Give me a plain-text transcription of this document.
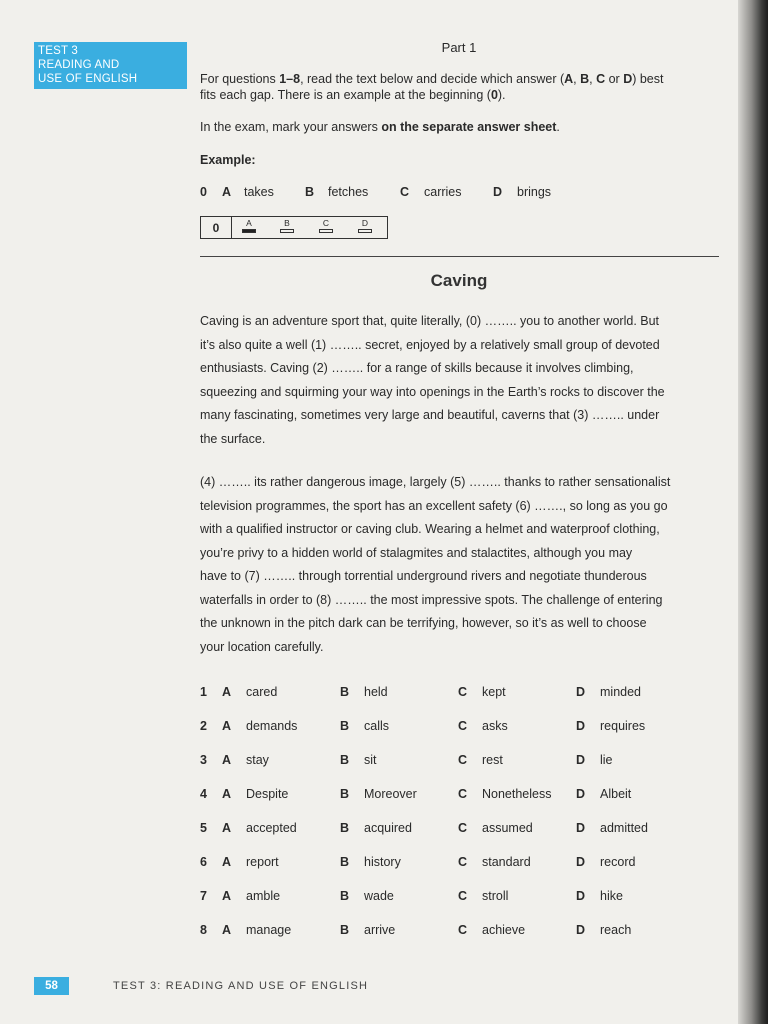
TEST 3
READING AND
USE OF ENGLISH
Part 1
For questions 1–8, read the text below and decide which answer (A, B, C or D) best
fits each gap. There is an example at the beginning (0).
In the exam, mark your answers on the separate answer sheet.
Example:
0 A takes B fetches	C carries	D brings
0	A	B	C	D
Caving

Caving is an adventure sport that, quite literally, (0) …….. you to another world. But

it’s also quite a well (1) …….. secret, enjoyed by a relatively small group of devoted

enthusiasts. Caving (2) …….. for a range of skills because it involves climbing,

squeezing and squirming your way into openings in the Earth’s rocks to discover the

many fascinating, sometimes very large and beautiful, caverns that (3) …….. under

the surface.

(4) …….. its rather dangerous image, largely (5) …….. thanks to rather sensationalist

television programmes, the sport has an excellent safety (6) ……., so long as you go

with a qualified instructor or caving club. Wearing a helmet and waterproof clothing,

you’re privy to a hidden world of stalagmites and stalactites, although you may

have to (7) …….. through torrential underground rivers and negotiate thunderous

waterfalls in order to (8) …….. the most impressive spots. The challenge of entering

the unknown in the pitch dark can be terrifying, however, so it’s as well to choose

your location carefully.

1 A cared	B held	C kept	D minded
2 A demands	B calls	C asks	D requires
3 A stay	B sit	C rest	D lie
4 A Despite	B Moreover	C Nonetheless D Albeit
5 A accepted	B acquired	C assumed	D admitted
6 A report	B history	C standard	D record
7 A amble	B wade	C stroll	D hike
8 A manage	B arrive	C achieve	D reach
58	TEST 3: READING AND USE OF ENGLISH
